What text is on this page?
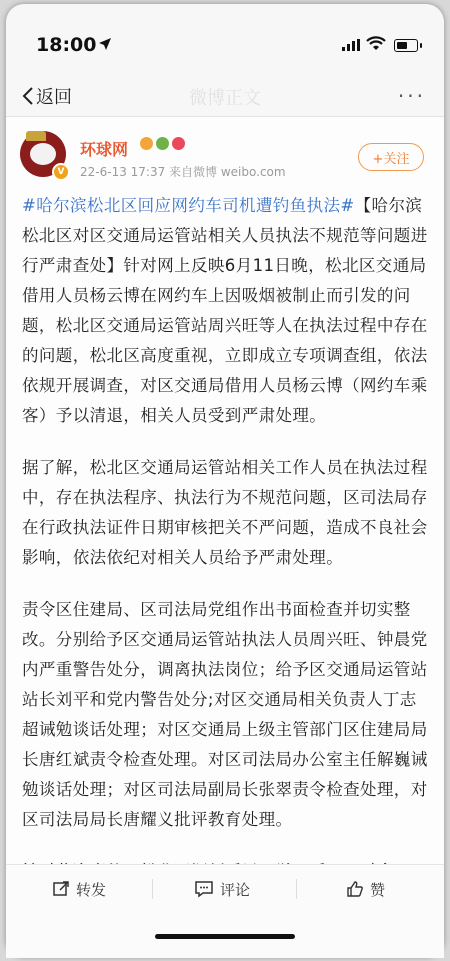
18:00
返回	微博正文	···
V
环球网
22-6-13 17:37 来自微博 weibo.com
+关注

#哈尔滨松北区回应网约车司机遭钓鱼执法#【哈尔滨松北区对区交通局运管站相关人员执法不规范等问题进行严肃查处】针对网上反映6月11日晚，松北区交通局借用人员杨云博在网约车上因吸烟被制止而引发的问题，松北区交通局运管站周兴旺等人在执法过程中存在的问题，松北区高度重视，立即成立专项调查组，依法依规开展调查，对区交通局借用人员杨云博（网约车乘客）予以清退，相关人员受到严肃处理。

据了解，松北区交通局运管站相关工作人员在执法过程中，存在执法程序、执法行为不规范问题，区司法局存在行政执法证件日期审核把关不严问题，造成不良社会影响，依法依纪对相关人员给予严肃处理。

责令区住建局、区司法局党组作出书面检查并切实整改。分别给予区交通局运管站执法人员周兴旺、钟晨党内严重警告处分，调离执法岗位；给予区交通局运管站站长刘平和党内警告处分;对区交通局相关负责人丁志超诫勉谈话处理；对区交通局上级主管部门区住建局局长唐红斌责令检查处理。对区司法局办公室主任解巍诫勉谈话处理；对区司法局副局长张翠责令检查处理，对区司法局局长唐耀义批评教育处理。

转发	评论	赞
